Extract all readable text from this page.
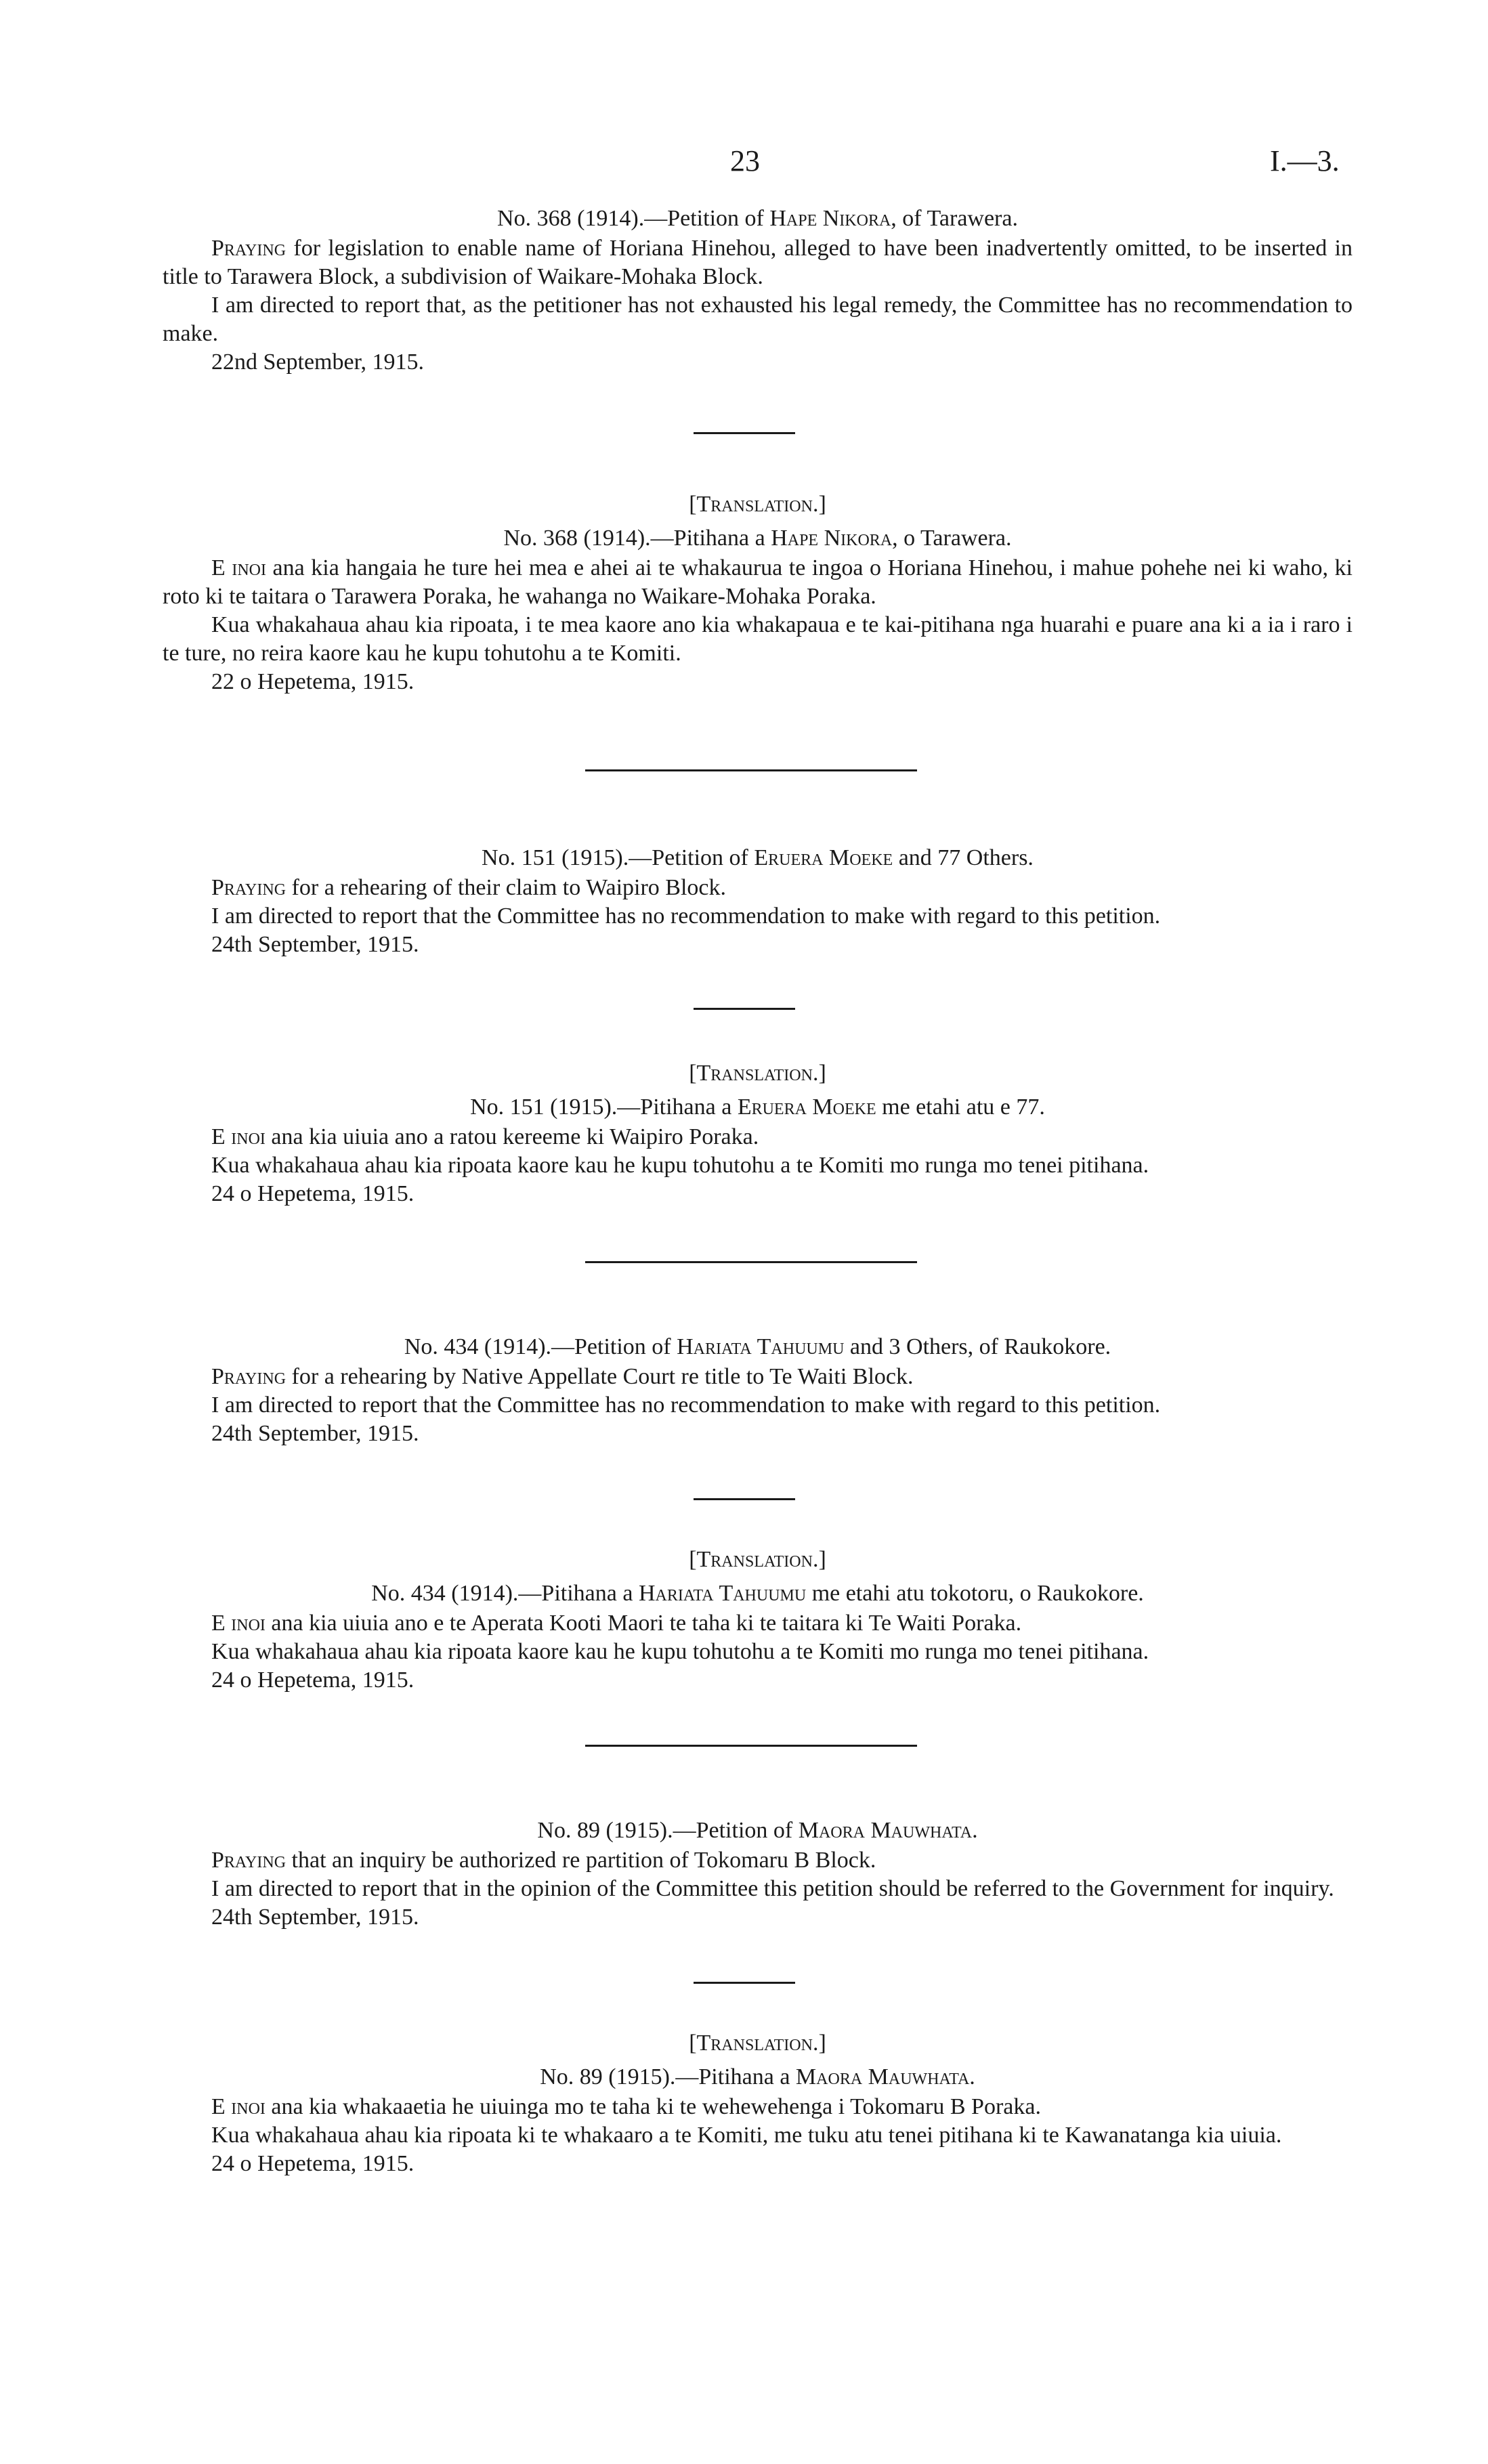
23	I.—3.

No. 368 (1914).—Petition of Hape Nikora, of Tarawera.

Praying for legislation to enable name of Horiana Hinehou, alleged to have been inadvertently omitted, to be inserted in title to Tarawera Block, a subdivision of Waikare-Mohaka Block.

I am directed to report that, as the petitioner has not exhausted his legal remedy, the Committee has no recommendation to make.

22nd September, 1915.

[Translation.]

No. 368 (1914).—Pitihana a Hape Nikora, o Tarawera.

E inoi ana kia hangaia he ture hei mea e ahei ai te whakaurua te ingoa o Horiana Hinehou, i mahue pohehe nei ki waho, ki roto ki te taitara o Tarawera Poraka, he wahanga no Waikare-Mohaka Poraka.

Kua whakahaua ahau kia ripoata, i te mea kaore ano kia whakapaua e te kai-pitihana nga huarahi e puare ana ki a ia i raro i te ture, no reira kaore kau he kupu tohutohu a te Komiti.

22 o Hepetema, 1915.

No. 151 (1915).—Petition of Eruera Moeke and 77 Others.

Praying for a rehearing of their claim to Waipiro Block.

I am directed to report that the Committee has no recommendation to make with regard to this petition.

24th September, 1915.

[Translation.]

No. 151 (1915).—Pitihana a Eruera Moeke me etahi atu e 77.

E inoi ana kia uiuia ano a ratou kereeme ki Waipiro Poraka.

Kua whakahaua ahau kia ripoata kaore kau he kupu tohutohu a te Komiti mo runga mo tenei pitihana.

24 o Hepetema, 1915.

No. 434 (1914).—Petition of Hariata Tahuumu and 3 Others, of Raukokore.

Praying for a rehearing by Native Appellate Court re title to Te Waiti Block.

I am directed to report that the Committee has no recommendation to make with regard to this petition.

24th September, 1915.

[Translation.]

No. 434 (1914).—Pitihana a Hariata Tahuumu me etahi atu tokotoru, o Raukokore.

E inoi ana kia uiuia ano e te Aperata Kooti Maori te taha ki te taitara ki Te Waiti Poraka.

Kua whakahaua ahau kia ripoata kaore kau he kupu tohutohu a te Komiti mo runga mo tenei pitihana.

24 o Hepetema, 1915.

No. 89 (1915).—Petition of Maora Mauwhata.

Praying that an inquiry be authorized re partition of Tokomaru B Block.

I am directed to report that in the opinion of the Committee this petition should be referred to the Government for inquiry.

24th September, 1915.

[Translation.]

No. 89 (1915).—Pitihana a Maora Mauwhata.

E inoi ana kia whakaaetia he uiuinga mo te taha ki te wehewehenga i Tokomaru B Poraka.

Kua whakahaua ahau kia ripoata ki te whakaaro a te Komiti, me tuku atu tenei pitihana ki te Kawanatanga kia uiuia.

24 o Hepetema, 1915.
